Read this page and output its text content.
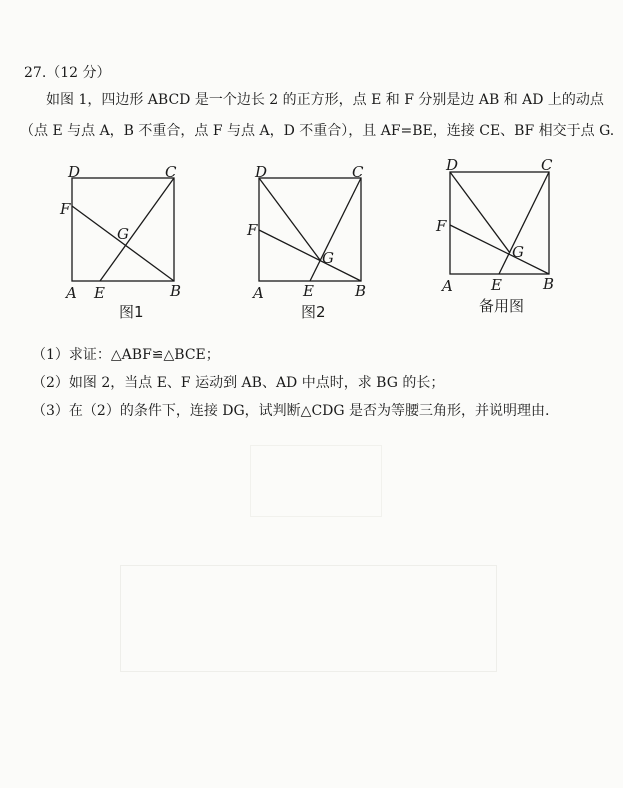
27.（12 分）
如图 1，四边形 ABCD 是一个边长 2 的正方形，点 E 和 F 分别是边 AB 和 AD 上的动点
（点 E 与点 A，B 不重合，点 F 与点 A，D 不重合），且 AF=BE，连接 CE、BF 相交于点 G.
D	C
F
G
A E	B
图1
D	C
F
G
A	E	B
图2
D	C
F
G
A	E	B
备用图
（1）求证：△ABF≌△BCE；
（2）如图 2，当点 E、F 运动到 AB、AD 中点时，求 BG 的长；
（3）在（2）的条件下，连接 DG，试判断△CDG 是否为等腰三角形，并说明理由.
